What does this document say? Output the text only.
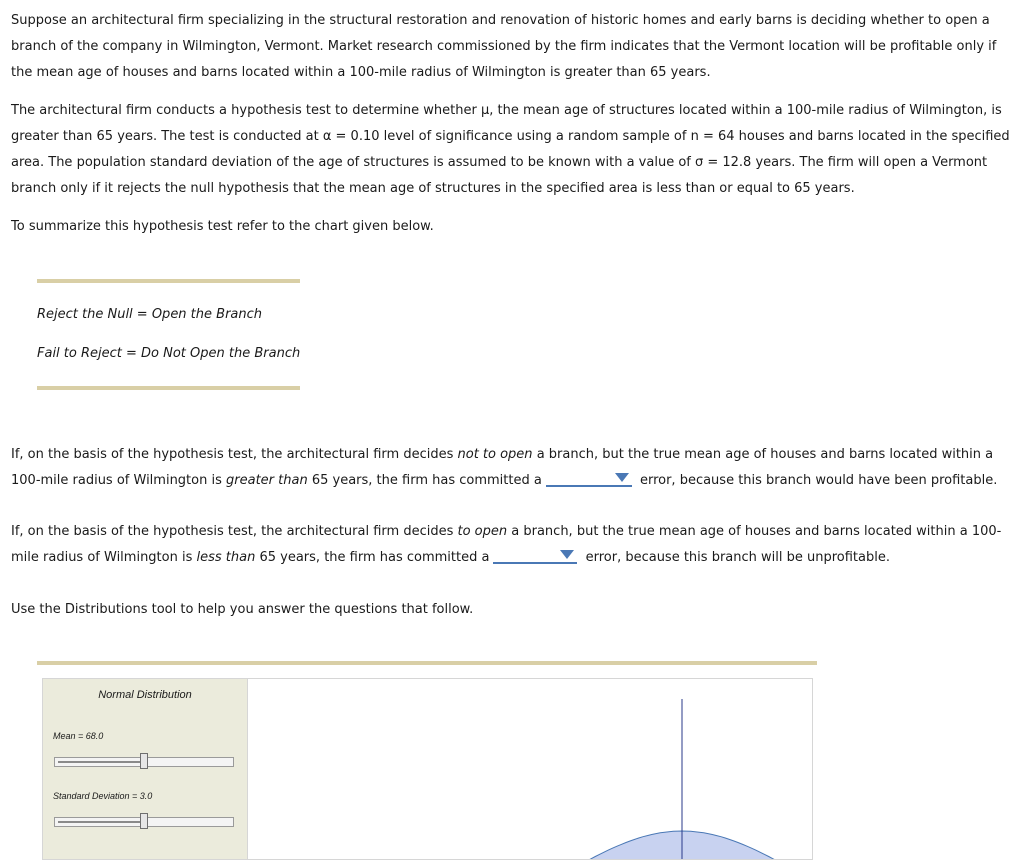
Suppose an architectural firm specializing in the structural restoration and renovation of historic homes and early barns is deciding whether to open a branch of the company in Wilmington, Vermont. Market research commissioned by the firm indicates that the Vermont location will be profitable only if the mean age of houses and barns located within a 100-mile radius of Wilmington is greater than 65 years.

The architectural firm conducts a hypothesis test to determine whether μ, the mean age of structures located within a 100-mile radius of Wilmington, is greater than 65 years. The test is conducted at α = 0.10 level of significance using a random sample of n = 64 houses and barns located in the specified area. The population standard deviation of the age of structures is assumed to be known with a value of σ = 12.8 years. The firm will open a Vermont branch only if it rejects the null hypothesis that the mean age of structures in the specified area is less than or equal to 65 years.

To summarize this hypothesis test refer to the chart given below.

Reject the Null = Open the Branch

Fail to Reject = Do Not Open the Branch

If, on the basis of the hypothesis test, the architectural firm decides not to open a branch, but the true mean age of houses and barns located within a 100-mile radius of Wilmington is greater than 65 years, the firm has committed a	error, because this branch would have been profitable.

If, on the basis of the hypothesis test, the architectural firm decides to open a branch, but the true mean age of houses and barns located within a 100-mile radius of Wilmington is less than 65 years, the firm has committed a	error, because this branch will be unprofitable.

Use the Distributions tool to help you answer the questions that follow.

Normal Distribution
Mean = 68.0
Standard Deviation = 3.0
